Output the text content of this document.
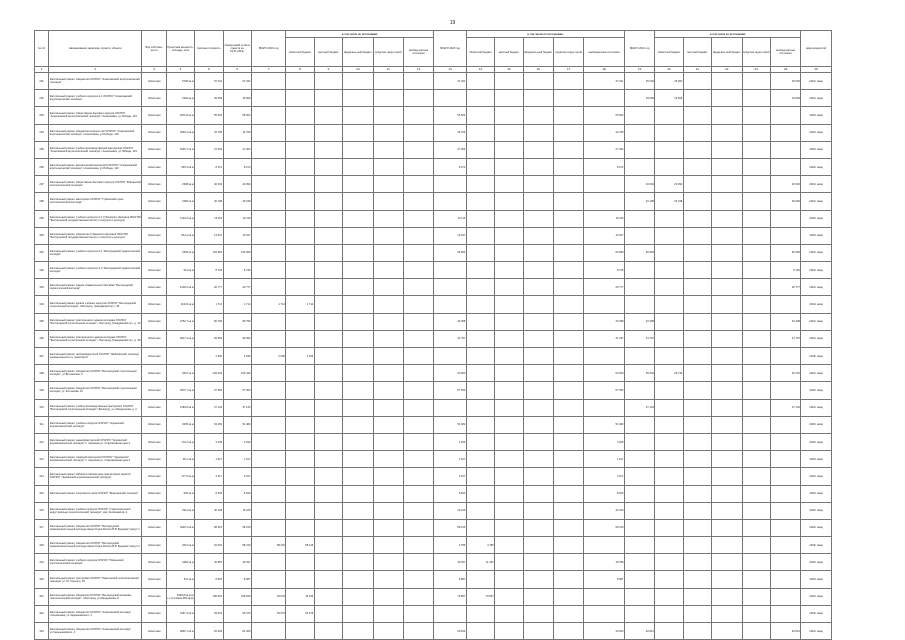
19
№ п/п	Наименование заказчика, отрасли, объекта	Вид собствен-ности	Проектная мощность, площадь, кв.м	Сметная стоимость	Ожида-емый остаток средств на 01.01.2019г.	ВСЕГО 2019 год	в том числе по источникам:					ВСЕГО 2020 год	в том числе по источникам:					ВСЕГО 2021 год	в том числе по источникам:					ввод мощностей
							областной бюджет	местный бюджет	федераль-ный бюджет	средства терри-торий	внебюд-жетные источники		областной бюджет	местный бюджет	федераль-ный бюджет	средства терри-торий	внебюджетные источники		областной бюджет	местный бюджет	федераль-ный бюджет	средства терри-торий	внебюд-жетные источники	
1	2	3	4	5	6	7	8	9	10	11	12	13	14	15	16	17	18	19	20	21	22	23	24	25
291	Капитальный ремонт общежития ОГАПОУ "Алексеевский агротехнический техникум"	областная	5728 кв.м	67 041	67 041							47 041					47 041	25 000	25 000				25 000	2021г. ввод
292	Капитальный ремонт учебного корпуса № 1 ОГАПОУ "Алексеевский агротехнический техникум"	областная	2345 кв.м	39 609	39 609													39 609	19 609				19 609	2021г. ввод
293	Капитальный ремонт общественно-бытового корпуса ОГАПОУ "Алексеевский агротехнический техникум" г.Алексеевка, ул.Победы, 119	областная	2670,8 кв.м	55 504	55 504							55 504					55 504							2020г. ввод
294	Капитальный ремонт общежития корпуса №2 ОГАПОУ "Алексеевский агротехнический техникум" г.Алексеевка, ул.Победы, 119	областная	2693,4 кв.м	44 765	44 765							44 765					44 765							2020г. ввод
295	Капитальный ремонт учебно-производственной мастерской ОГАПОУ "Алексеевский агротехнический техникум" г.Алексеевка, ул.Победы, 119	областная	1646,7 кв.м	27 064	27 064							27 064					27 064							2020г. ввод
296	Капитальный ремонт механической мастерской ОГАПОУ "Алексеевский агротехнический техникум" г.Алексеевка, ул.Победы, 119	областная	545,4 кв.м	8 272	8 272							8 272					8 272							2020г. ввод
297	Капитальный ремонт общественно-бытового корпуса ОГАПОУ "Ровеньский политехнический техникум"	областная	2308 кв.м	40 094	40 094													40 094	20 094				20 000	2021г. ввод
298	Капитальный ремонт мастерских ОГАПОУ "Губкинский горно-политехнический колледж"	областная	2365 кв.м	40 198	40 198													40 198	20 198				20 000	2021г. ввод
299	Капитальный ремонт учебного корпуса № 1 Губкинского филиала ГБОУ ВО "Белгородский государственный институт искусств и культуры"	областная	1124,6 кв.м	16 115	16 115							16 115					16 115							2020г. ввод
300	Капитальный ремонт общежития Губкинского филиала ГБОУ ВО "Белгородский государственный институт искусств и культуры"	областная	814,2 кв.м	13 647	13 647							13 647					13 647							2020г. ввод
301	Капитальный ремонт учебного корпуса № 1 "Белгородский педагогический колледж"	областная	7845 кв.м	133 366	133 366							66 683					66 683	66 683					66 683	2021г. ввод
302	Капитальный ремонт учебного корпуса № 2 "Белгородский педагогический колледж"	областная	514 кв.м	8 736	8 736												8 736						8 736	2021г. ввод
303	Капитальный ремонт здания плавательного бассейна "Белгородский педагогический колледж"	областная	1318,2 кв.м	20 777	20 777												20 777						20 777	2021г. ввод
304	Капитальный ремонт кровли учебных корпусов ОГАПОУ "Белгородский строительный колледж", г.Белгород, Гражданский пр-т, 39	областная	11024 кв.м	1 714	1 714	1 714	1 714																	2019г. ввод
305	Капитальный ремонт пристроенного здания колледжа ОГАПОУ "Белгородский строительный колледж" г. Белгород, Гражданский пр-т, д. 40	областная	4752,7 кв.м	80 796	80 796							40 398					40 398	40 398					40 398	2021г. ввод
306	Капитальный ремонт пристроенного здания колледжа ОГАПОУ "Белгородский строительный колледж" г. Белгород, Гражданский пр-т, д. 38	областная	4917,3 кв.м	83 594	83 594							41 797					41 797	41 797					41 797	2021г. ввод
307	Капитальный ремонт газопровода сетей ОГАПОУ "Шебекинский техникум промышленности и транспорта"	областная		2 536	2 536	2 536	2 536																	2019г. ввод
308	Капитальный ремонт общежития ОГАПОУ "Белгородский строительный колледж", ул.Волчанская, 5	областная	6437 кв.м	109 432	109 432							50 000					50 000	59 432	29 716				29 716	2021г. ввод
309	Капитальный ремонт общежития ОГАПОУ "Белгородский строительный колледж" ул. Костюкова, 15	областная	3973,7 кв.м	67 553	67 553							67 553					67 553							2020г. ввод
310	Капитальный ремонт учебно-производственных мастерских ОГАПОУ "Белгородский строительный колледж" г.Белгород, ул. Менделеева, д. 4	областная	2184,8 кв.м	37 143	37 143													37 143					37 143	2021г. ввод
311	Капитальный ремонт учебного корпуса ОГАПОУ "Чернянский агромеханический техникум"	областная	3205 кв.м	54 482	54 482							54 482					54 482							2020г. ввод
312	Капитальный ремонт здания(мастерской) ОГАПОУ "Чернянский агромеханический техникум" п. Чернянка ул. Спартаковская дом 2	областная	179,2 кв.м	3 046	3 046							3 046					3 046							2020г. ввод
313	Капитальный ремонт токарной мастерской ОГАПОУ "Чернянский агромеханический техникум" п. Чернянка ул. Спартаковская дом 2	областная	95,1 кв.м	1 617	1 617							1 617					1 617							2020г. ввод
314	Капитальный ремонт кабинета лабораторно-практических занятий ОГАПОУ "Чернянский агромеханический техникум"	областная	177,5 кв.м	3 017	3 017							3 017					3 017							2020г. ввод
315	Капитальный ремонт спортивного зала ОГАПОУ "Бирючанский техникум"	областная	503 кв.м	8 543	8 543							8 543					8 543							2020г. ввод
316	Капитальный ремонт учебного корпуса ОГАПОУ "Старооскольский индустриально-технологический техникум", мкр. Космонавтов, 4	областная	2941 кв.м	42 109	42 109							42 109					42 109							2020г. ввод
317	Капитальный ремонт общежития ОГАПОУ "Белгородский правоохранительный колледж имени Героя России В.В. Бурцева" корпус 1	областная	3426,4 кв.м	58 215	58 215							58 215					58 215							2020г. ввод
318	Капитальный ремонт общежития ОГАПОУ "Белгородский правоохранительный колледж имени Героя России В.В. Бурцева" корпус 2	областная	2647 кв.м	62 001	58 215	58 215	58 215					3 786	3 786											2019г. ввод
319	Капитальный ремонт учебного корпуса ОГАПОУ "Ровеньский политехнический техникум"	областная	3481 кв.м	42 887	30 037							30 037	11 251				18 786							2020г. ввод
320	Капитальный ремонт пристройки ОГАПОУ "Ракитянский политехнический техникум" ул. М. Горького, 29	областная	511 кв.м	8 687	8 687							8 687					8 687							2020г. ввод
321	Капитальный ремонт общежития ОГАПОУ "Белгородский механико-технологический колледж", г.Белгород, ул.Менделеева, 8	областная	8169,8 кв.м (в т.ч.столовая 450 кв.м)	108 933	108 933	32 043	32 043					76 867	76 867											2020г. ввод
322	Капитальный ремонт общежития ОГАПОУ "Алексеевский колледж", г.Алексеевка, ул.Чернышевского, 2	областная	3167,3 кв.м	53 679	53 679	53 679	53 679																	2019г. ввод
323	Капитальный ремонт общежития ОГАПОУ "Алексеевский колледж" ул.Чернышевского, 4	областная	4891,7 кв.м	81 629	81 629							40 814					40 814	40 814					40 814	2021г. ввод
